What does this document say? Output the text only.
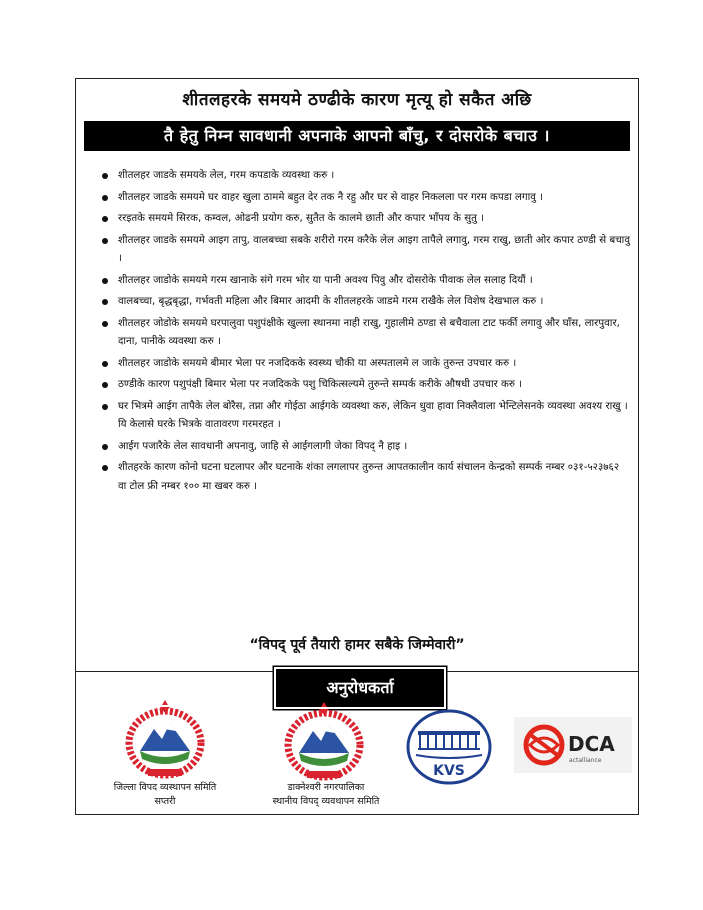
शीतलहरके समयमे ठण्ढीके कारण मृत्यू हो सकैत अछि
तै हेतु निम्न सावधानी अपनाके आपनो बाँचु, र दोसरोके बचाउ ।
शीतलहर जाडके समयके लेल, गरम कपडाके व्यवस्था करु ।
शीतलहर जाडके समयमे घर वाहर खुला ठाममे बहुत देर तक नै रहु और घर से वाहर निकलला पर गरम कपडा लगावु ।
ररइतके समयमे सिरक, कम्वल, ओढनी प्रयोग करु, सुतैत के कालमे छाती और कपार भाँपय के सुतु ।
शीतलहर जाडके समयमे आइग तापु, वालबच्चा सबके शरीरो गरम करैके लेल आइग तापैले लगावु, गरम राखु, छाती ओर कपार ठण्डी से बचावु ।
शीतलहर जाडोके समयमे गरम खानाके संगे गरम भोर या पानी अवश्य पिवु और दोसरोके पीवाक लेल सलाह दियौं ।
वालबच्चा, बृद्धबृद्धा, गर्भवती महिला और बिमार आदमी के शीतलहरके जाडमे गरम राखैके लेल विशेष देखभाल करु ।
शीतलहर जोडोके समयमे घरपालुवा पशुपंक्षीके खुल्ला स्थानमा नाही राखु, गुहालीमे ठण्डा से बचैवाला टाट फर्की लगावु और घाँस, लारपुवार, दाना, पानीके व्यवस्था करु ।
शीतलहर जाडोके समयमे बीमार भेला पर नजदिकके स्वस्थ्य चौकी या अस्पतालमे ल जाके तुरुन्त उपचार करु ।
ठण्डीके कारण पशुपंक्षी बिमार भेला पर नजदिकके पशु चिकित्सल्यमे तुरुन्ते सम्पर्क करीके औषधी उपचार करु ।
घर भित्रमे आईग तापैके लेल बोरैस, तप्ना और गोईठा आईगके व्यवस्था करु, लेकिन धुवा हावा निक्लैवाला भेन्टिलेसनके व्यवस्था अवश्य राखु । यि केलासे घरके भित्रके वातावरण गरमरहत ।
आईग पजारैके लेल सावधानी अपनावु, जाहि से आईगलागी जेका विपद् नै हाइ ।
शीतहरके कारण कोनो घटना घटलापर और घटनाके शंका लगलापर तुरुन्त आपतकालीन कार्य संचालन केन्द्रको सम्पर्क नम्बर ०३१-५२३७६२ वा टोल फ्री नम्बर १०० मा खबर करु ।
“विपद् पूर्व तैयारी हामर सबैके जिम्मेवारी”
अनुरोधकर्ता
KVS
DCA
actalliance
जिल्ला विपद व्यस्थापन समिति
सप्तरी
डाक्नेश्वरी नगरपालिका
स्थानीय विपद् व्यवथापन समिति
